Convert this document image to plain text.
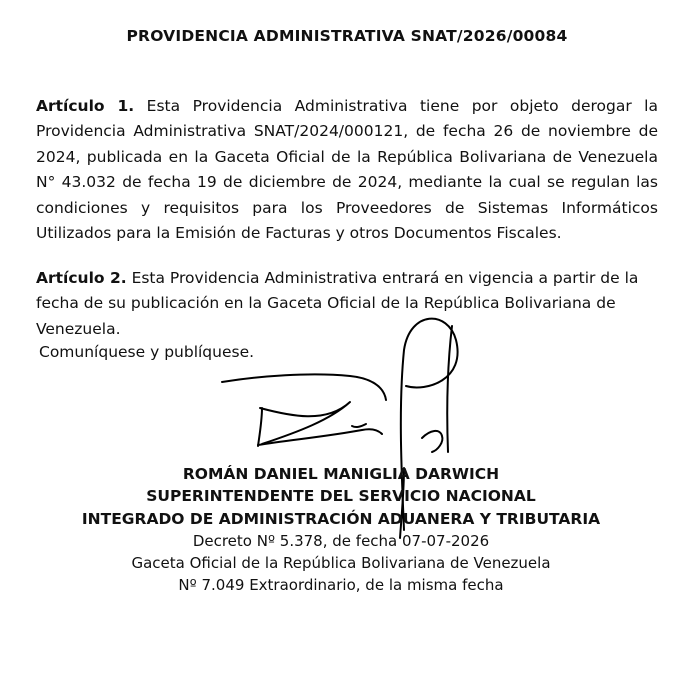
PROVIDENCIA ADMINISTRATIVA SNAT/2026/00084
Artículo 1. Esta Providencia Administrativa tiene por objeto derogar la Providencia Administrativa SNAT/2024/000121, de fecha 26 de noviembre de 2024, publicada en la Gaceta Oficial de la República Bolivariana de Venezuela N° 43.032 de fecha 19 de diciembre de 2024, mediante la cual se regulan las condiciones y requisitos para los Proveedores de Sistemas Informáticos Utilizados para la Emisión de Facturas y otros Documentos Fiscales.
Artículo 2. Esta Providencia Administrativa entrará en vigencia a partir de la fecha de su publicación en la Gaceta Oficial de la República Bolivariana de Venezuela.
Comuníquese y publíquese.
ROMÁN DANIEL MANIGLIA DARWICH
SUPERINTENDENTE DEL SERVICIO NACIONAL
INTEGRADO DE ADMINISTRACIÓN ADUANERA Y TRIBUTARIA
Decreto Nº 5.378, de fecha 07-07-2026
Gaceta Oficial de la República Bolivariana de Venezuela
Nº 7.049 Extraordinario, de la misma fecha
